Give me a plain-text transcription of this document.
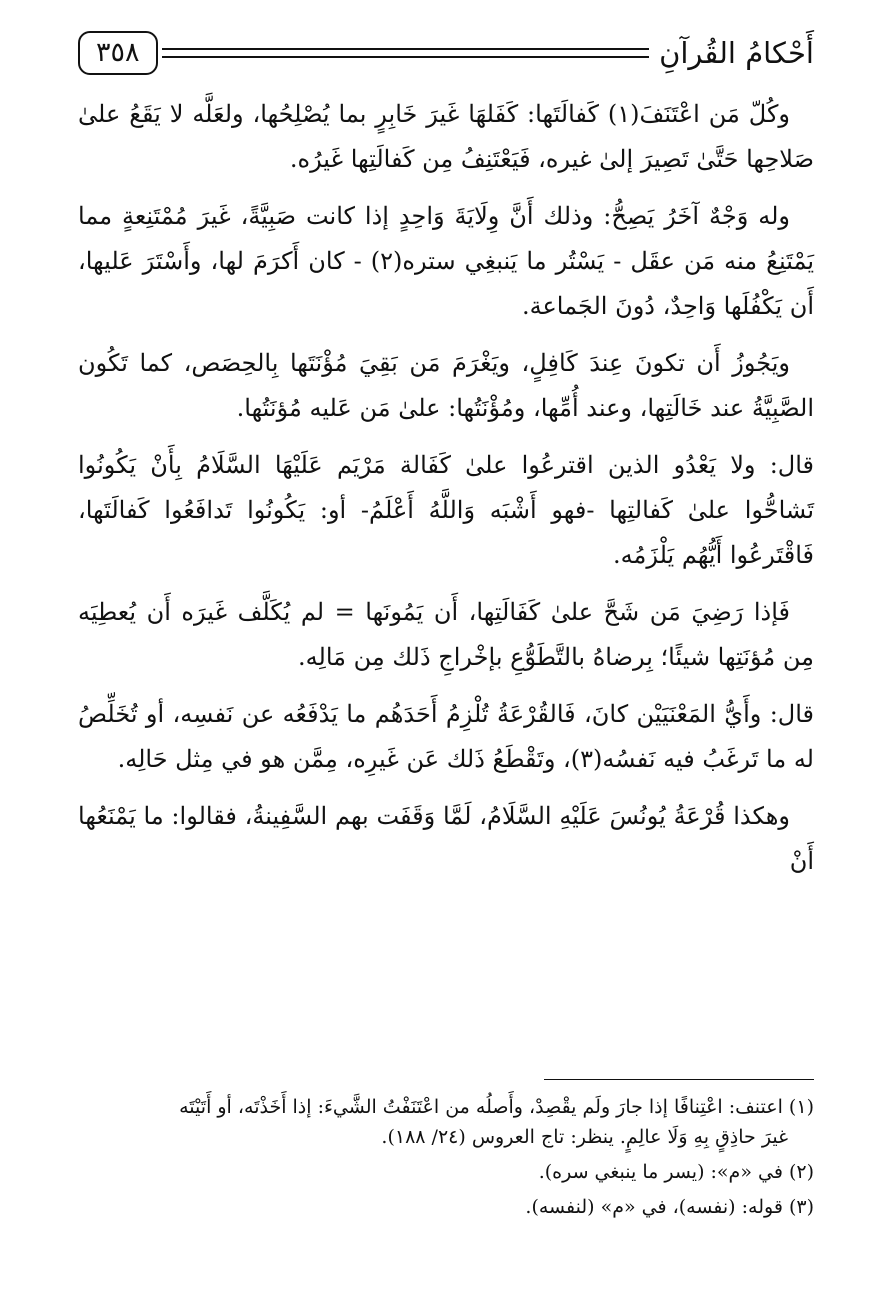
أَحْكامُ القُرآنِ
٣٥٨

وكُلّ مَن اعْتَنَفَ(١) كَفالَتَها: كَفَلهَا غَيرَ خَابِرٍ بما يُصْلِحُها، ولعَلَّه لا يَقَعُ علىٰ صَلاحِها حَتَّىٰ تَصِيرَ إلىٰ غيره، فَيَعْتَنِفُ مِن كَفالَتِها غَيرُه.

وله وَجْهٌ آخَرُ يَصِحُّ: وذلك أَنَّ وِلَايَةَ وَاحِدٍ إذا كانت صَبِيَّةً، غَيرَ مُمْتَنِعةٍ مما يَمْتَنِعُ منه مَن عقَل - يَسْتُر ما يَنبغِي ستره(٢) - كان أَكرَمَ لها، وأَسْتَرَ عَليها، أَن يَكْفُلَها وَاحِدٌ، دُونَ الجَماعة.

ويَجُوزُ أَن تكونَ عِندَ كَافِلٍ، ويَغْرَمَ مَن بَقِيَ مُؤْنَتَها بِالحِصَص، كما تَكُون الصَّبِيَّةُ عند خَالَتِها، وعند أُمِّها، ومُؤْنَتُها: علىٰ مَن عَليه مُؤنَتُها.

قال: ولا يَعْدُو الذين اقترعُوا علىٰ كَفَالة مَرْيَم عَلَيْهَا السَّلَامُ بِأَنْ يَكُونُوا تَشاحُّوا علىٰ كَفالتِها -فهو أَشْبَه وَاللَّهُ أَعْلَمُ- أو: يَكُونُوا تَدافَعُوا كَفالَتَها، فَاقْتَرعُوا أَيُّهُم يَلْزَمُه.

فَإذا رَضِيَ مَن شَحَّ علىٰ كَفَالَتِها، أَن يَمُونَها = لم يُكَلَّف غَيرَه أَن يُعطِيَه مِن مُؤنَتِها شيئًا؛ بِرضاهُ بالتَّطَوُّعِ بإخْراجِ ذَلك مِن مَالِه.

قال: وأَيُّ المَعْنَيَيْن كانَ، فَالقُرْعَةُ تُلْزِمُ أَحَدَهُم ما يَدْفَعُه عن نَفسِه، أو تُخَلِّصُ له ما تَرغَبُ فيه نَفسُه(٣)، وتَقْطَعُ ذَلك عَن غَيرِه، مِمَّن هو في مِثل حَالِه.

وهكذا قُرْعَةُ يُونُسَ عَلَيْهِ السَّلَامُ، لَمَّا وَقَفَت بهم السَّفِينةُ، فقالوا: ما يَمْنَعُها أَنْ

(١) اعتنف: اعْتِنافًا إذا جارَ ولَم يقْصِدْ، وأَصلُه من اعْتَنَفْتُ الشَّيءَ: إذا أَخَذْتَه، أو أَتَيْتَه

غيرَ حاذِقٍ بِهِ وَلَا عالِمٍ. ينظر: تاج العروس (٢٤/ ١٨٨).

(٢) في «م»: (يسر ما ينبغي سره).

(٣) قوله: (نفسه)، في «م» (لنفسه).
